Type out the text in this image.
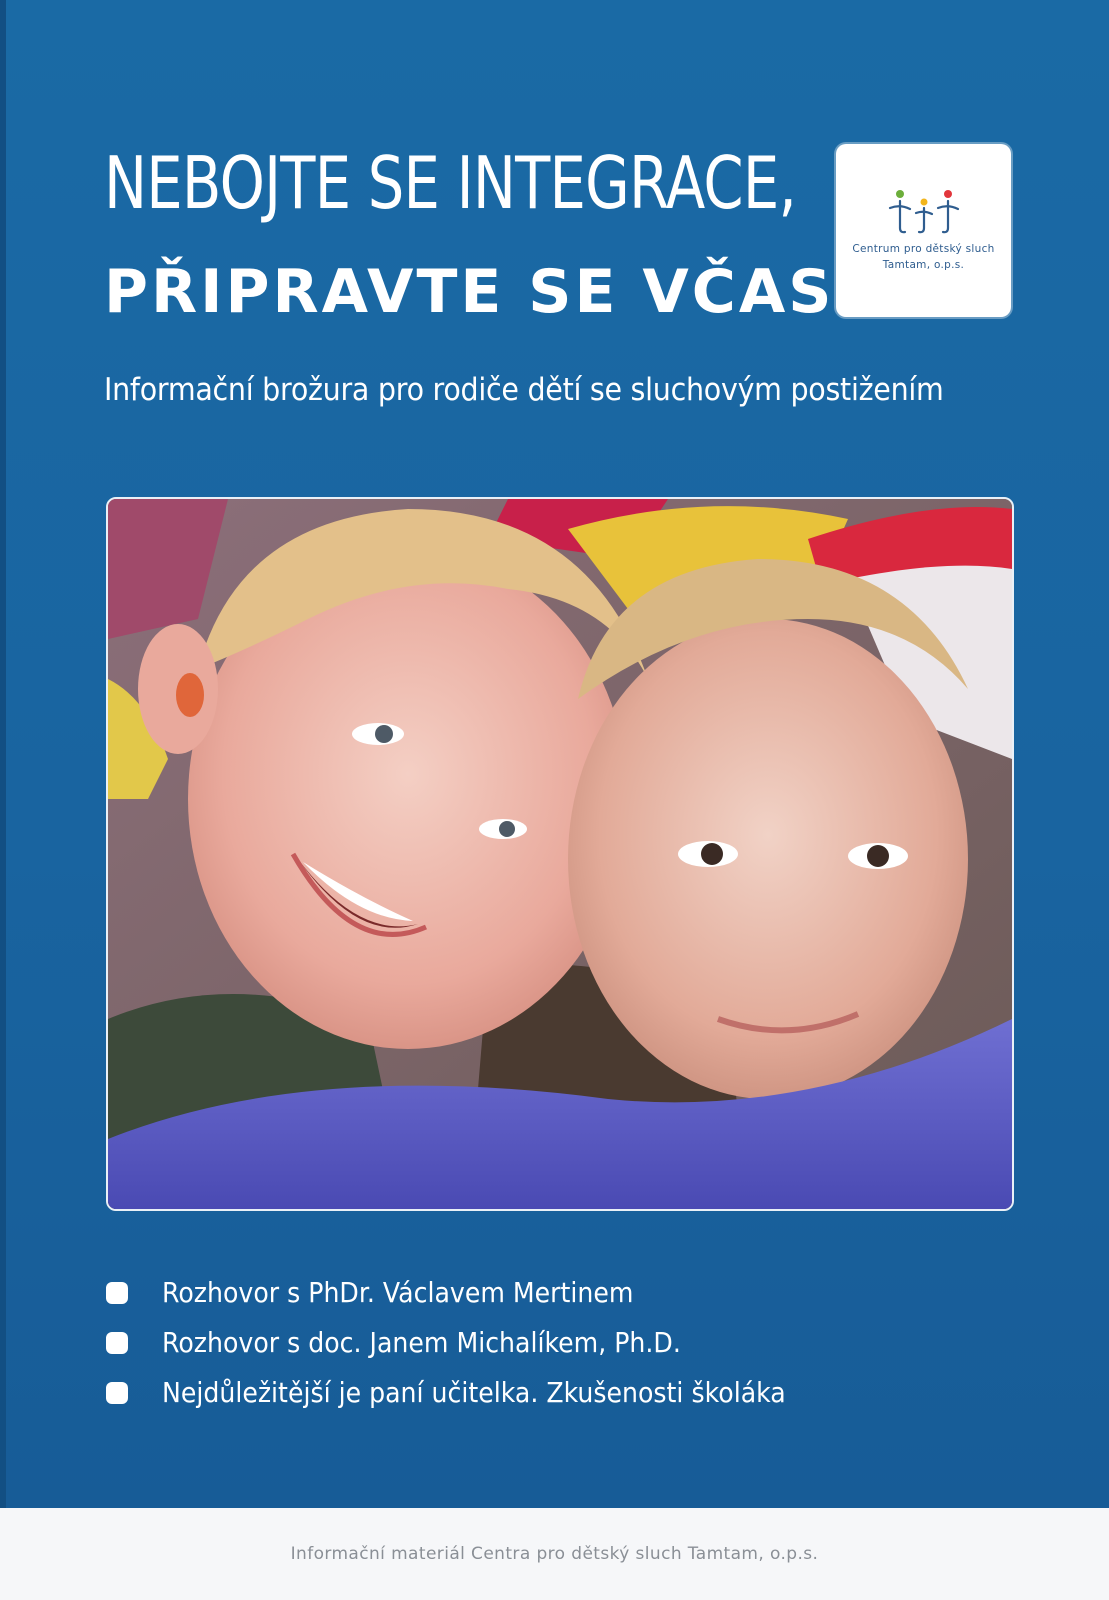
NEBOJTE SE INTEGRACE,
PŘIPRAVTE SE VČAS
Centrum pro dětský sluch
Tamtam, o.p.s.
Informační brožura pro rodiče dětí se sluchovým postižením
Rozhovor s PhDr. Václavem Mertinem
Rozhovor s doc. Janem Michalíkem, Ph.D.
Nejdůležitější je paní učitelka. Zkušenosti školáka
Informační materiál Centra pro dětský sluch Tamtam, o.p.s.
